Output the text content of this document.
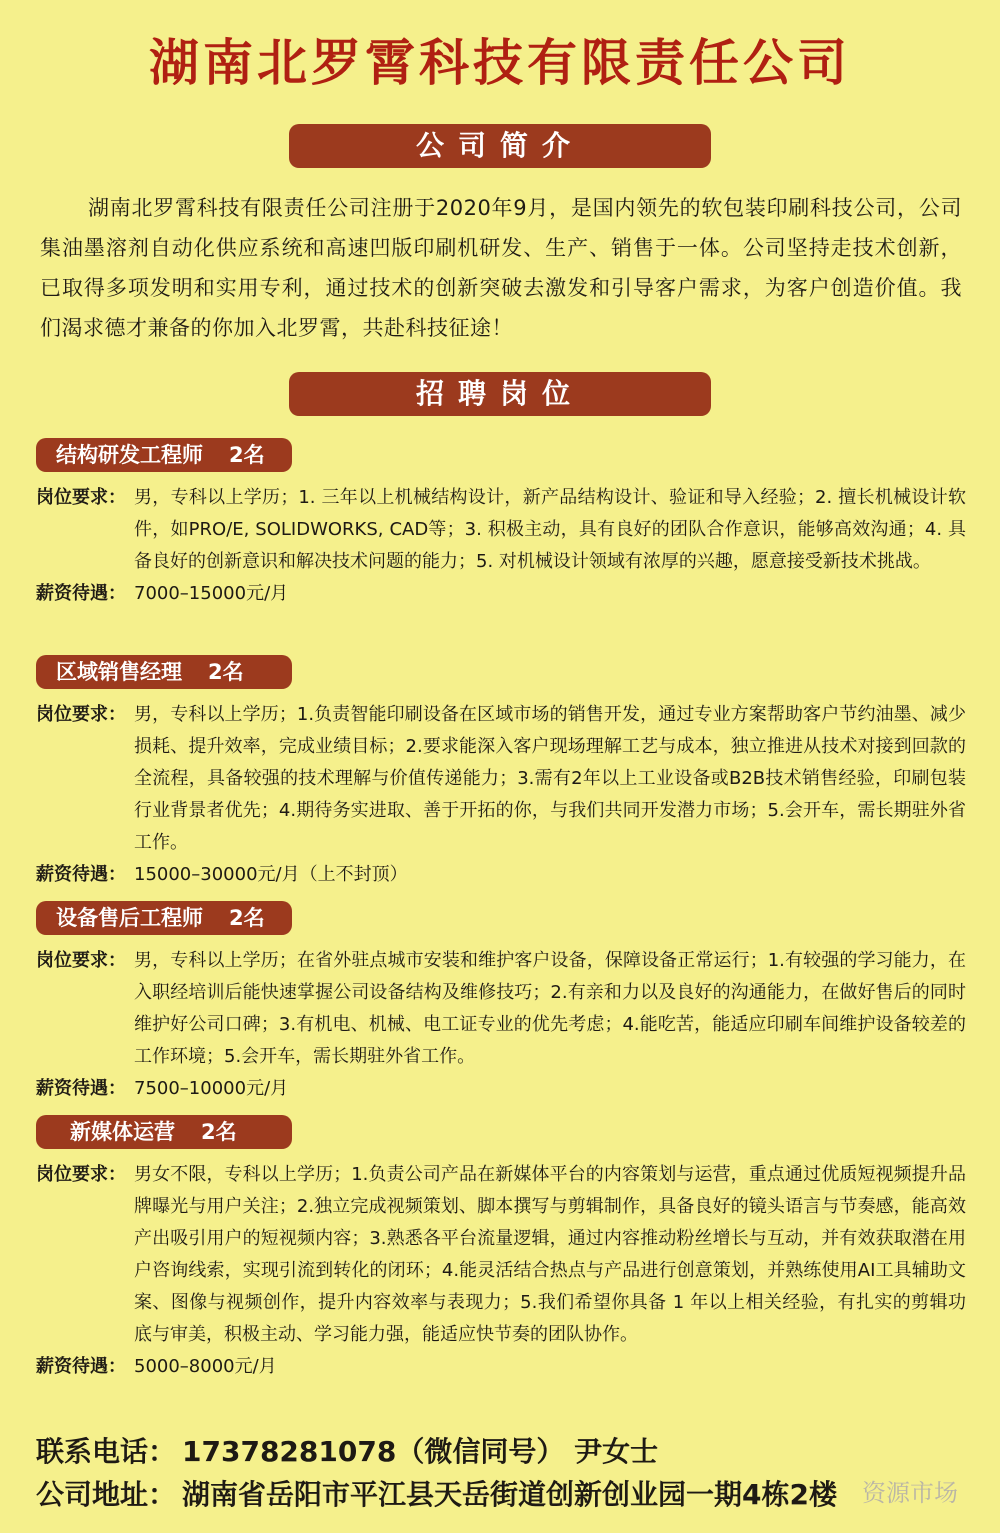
湖南北罗霄科技有限责任公司
公司简介
湖南北罗霄科技有限责任公司注册于2020年9月，是国内领先的软包装印刷科技公司，公司集油墨溶剂自动化供应系统和高速凹版印刷机研发、生产、销售于一体。公司坚持走技术创新，已取得多项发明和实用专利，通过技术的创新突破去激发和引导客户需求，为客户创造价值。我们渴求德才兼备的你加入北罗霄，共赴科技征途！
招聘岗位
结构研发工程师 2名
岗位要求： 男，专科以上学历；1. 三年以上机械结构设计，新产品结构设计、验证和导入经验；2. 擅长机械设计软件，如PRO/E, SOLIDWORKS, CAD等；3. 积极主动，具有良好的团队合作意识，能够高效沟通；4. 具备良好的创新意识和解决技术问题的能力；5. 对机械设计领域有浓厚的兴趣，愿意接受新技术挑战。
薪资待遇： 7000–15000元/月
区域销售经理 2名
岗位要求： 男，专科以上学历；1.负责智能印刷设备在区域市场的销售开发，通过专业方案帮助客户节约油墨、减少损耗、提升效率，完成业绩目标；2.要求能深入客户现场理解工艺与成本，独立推进从技术对接到回款的全流程，具备较强的技术理解与价值传递能力；3.需有2年以上工业设备或B2B技术销售经验，印刷包装行业背景者优先；4.期待务实进取、善于开拓的你，与我们共同开发潜力市场；5.会开车，需长期驻外省工作。
薪资待遇： 15000–30000元/月（上不封顶）
设备售后工程师 2名
岗位要求： 男，专科以上学历；在省外驻点城市安装和维护客户设备，保障设备正常运行；1.有较强的学习能力，在入职经培训后能快速掌握公司设备结构及维修技巧；2.有亲和力以及良好的沟通能力，在做好售后的同时维护好公司口碑；3.有机电、机械、电工证专业的优先考虑；4.能吃苦，能适应印刷车间维护设备较差的工作环境；5.会开车，需长期驻外省工作。
薪资待遇： 7500–10000元/月
新媒体运营 2名
岗位要求： 男女不限，专科以上学历；1.负责公司产品在新媒体平台的内容策划与运营，重点通过优质短视频提升品牌曝光与用户关注；2.独立完成视频策划、脚本撰写与剪辑制作，具备良好的镜头语言与节奏感，能高效产出吸引用户的短视频内容；3.熟悉各平台流量逻辑，通过内容推动粉丝增长与互动，并有效获取潜在用户咨询线索，实现引流到转化的闭环；4.能灵活结合热点与产品进行创意策划，并熟练使用AI工具辅助文案、图像与视频创作，提升内容效率与表现力；5.我们希望你具备 1 年以上相关经验，有扎实的剪辑功底与审美，积极主动、学习能力强，能适应快节奏的团队协作。
薪资待遇： 5000–8000元/月
联系电话： 17378281078（微信同号） 尹女士
公司地址： 湖南省岳阳市平江县天岳街道创新创业园一期4栋2楼 资源市场
